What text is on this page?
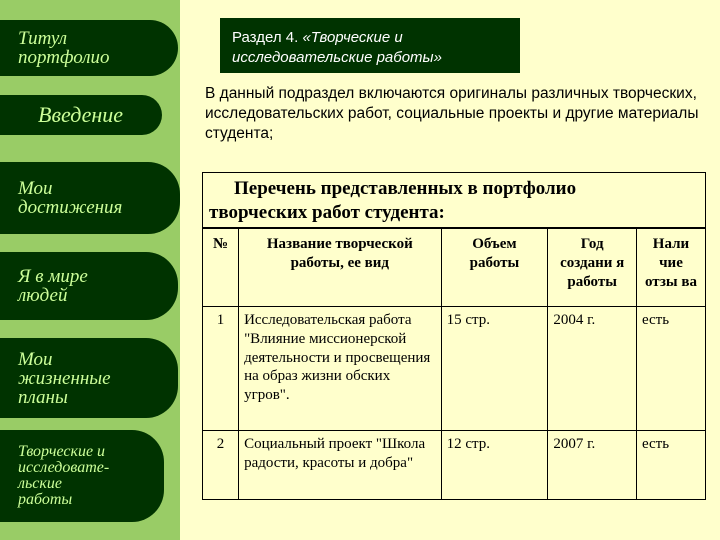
Титул
портфолио
Введение
Мои
достижения
Я в мире
людей
Мои
жизненные
планы
Творческие и
исследовате-
льские
работы
Раздел 4. «Творческие и исследовательские работы»
В данный подраздел включаются оригиналы различных творческих, исследовательских работ, социальные проекты и другие материалы студента;
Перечень представленных в портфолио
творческих работ студента:
№	Название творческой работы, ее вид	Объем работы	Год создани я работы	Нали чие отзы ва
1	Исследовательская работа "Влияние миссионерской деятельности и просвещения на образ жизни обских угров".	15 стр.	2004 г.	есть
2	Социальный проект "Школа радости, красоты и добра"	12 стр.	2007 г.	есть
